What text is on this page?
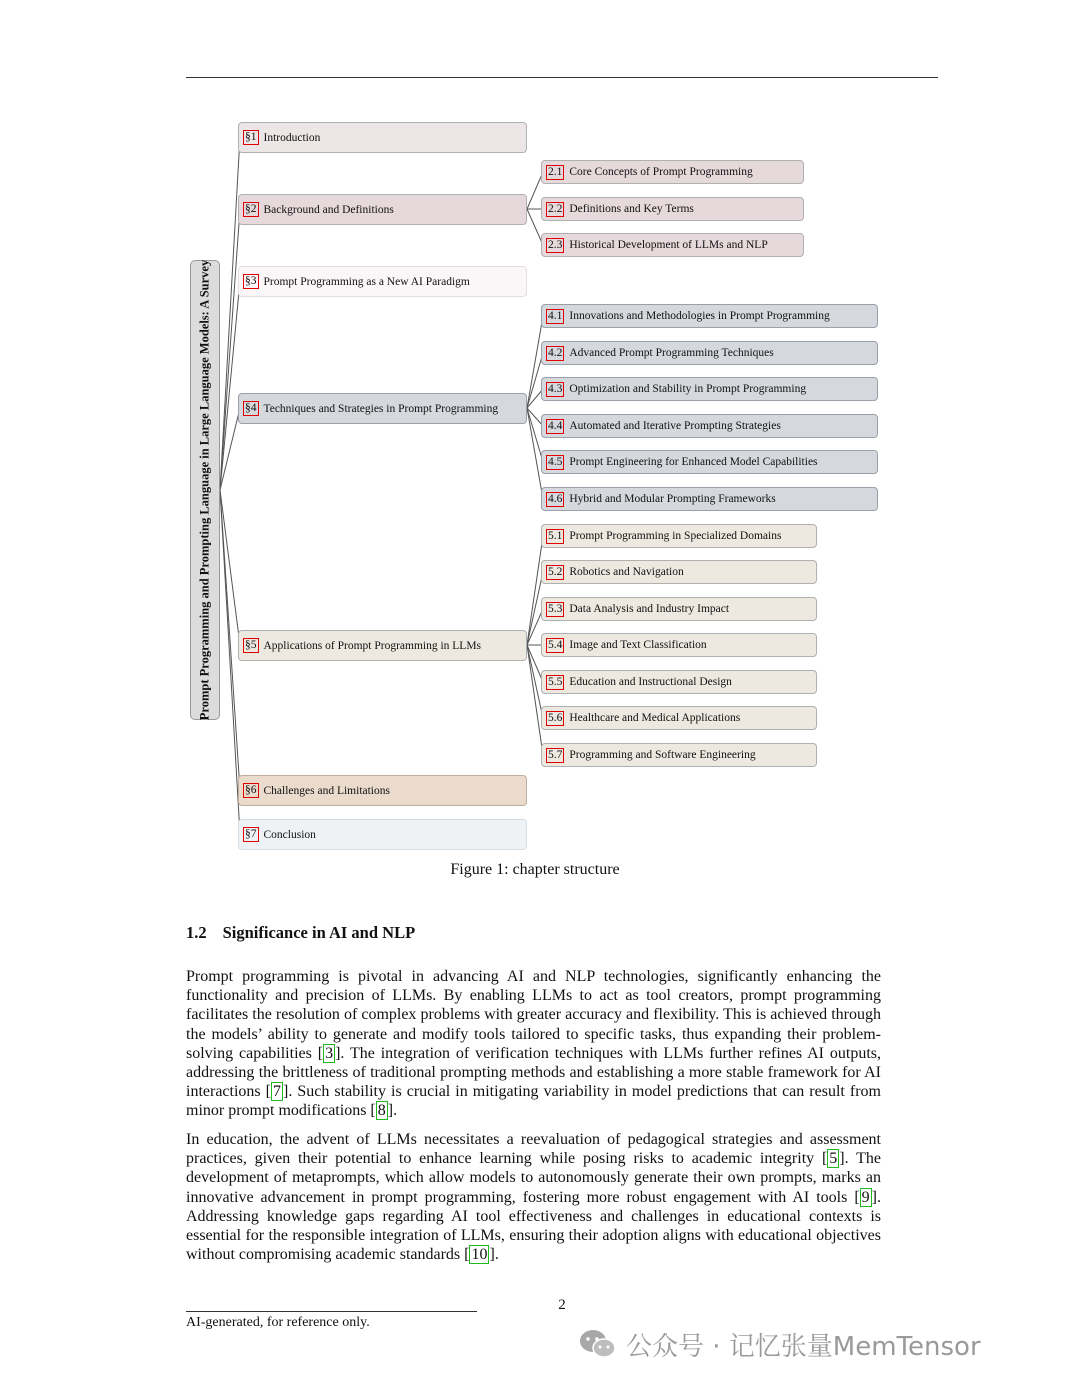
Prompt Programming and Prompting Language in Large Language Models: A Survey
§1 Introduction
§2 Background and Definitions
§3 Prompt Programming as a New AI Paradigm
§4 Techniques and Strategies in Prompt Programming
§5 Applications of Prompt Programming in LLMs
§6 Challenges and Limitations
§7 Conclusion
2.1 Core Concepts of Prompt Programming
2.2 Definitions and Key Terms
2.3 Historical Development of LLMs and NLP
4.1 Innovations and Methodologies in Prompt Programming
4.2 Advanced Prompt Programming Techniques
4.3 Optimization and Stability in Prompt Programming
4.4 Automated and Iterative Prompting Strategies
4.5 Prompt Engineering for Enhanced Model Capabilities
4.6 Hybrid and Modular Prompting Frameworks
5.1 Prompt Programming in Specialized Domains
5.2 Robotics and Navigation
5.3 Data Analysis and Industry Impact
5.4 Image and Text Classification
5.5 Education and Instructional Design
5.6 Healthcare and Medical Applications
5.7 Programming and Software Engineering
Figure 1: chapter structure
1.2 Significance in AI and NLP

Prompt programming is pivotal in advancing AI and NLP technologies, significantly enhancing the functionality and precision of LLMs. By enabling LLMs to act as tool creators, prompt programming facilitates the resolution of complex problems with greater accuracy and flexibility. This is achieved through the models’ ability to generate and modify tools tailored to specific tasks, thus expanding their problem-solving capabilities [ 3 ]. The integration of verification techniques with LLMs further refines AI outputs, addressing the brittleness of traditional prompting methods and establishing a more stable framework for AI interactions [ 7 ]. Such stability is crucial in mitigating variability in model predictions that can result from minor prompt modifications [ 8 ].

In education, the advent of LLMs necessitates a reevaluation of pedagogical strategies and assessment practices, given their potential to enhance learning while posing risks to academic integrity [ 5 ]. The development of metaprompts, which allow models to autonomously generate their own prompts, marks an innovative advancement in prompt programming, fostering more robust engagement with AI tools [ 9 ]. Addressing knowledge gaps regarding AI tool effectiveness and challenges in educational contexts is essential for the responsible integration of LLMs, ensuring their adoption aligns with educational objectives without compromising academic standards [ 10 ].

2
AI-generated, for reference only.
公众号 · 记忆张量MemTensor
